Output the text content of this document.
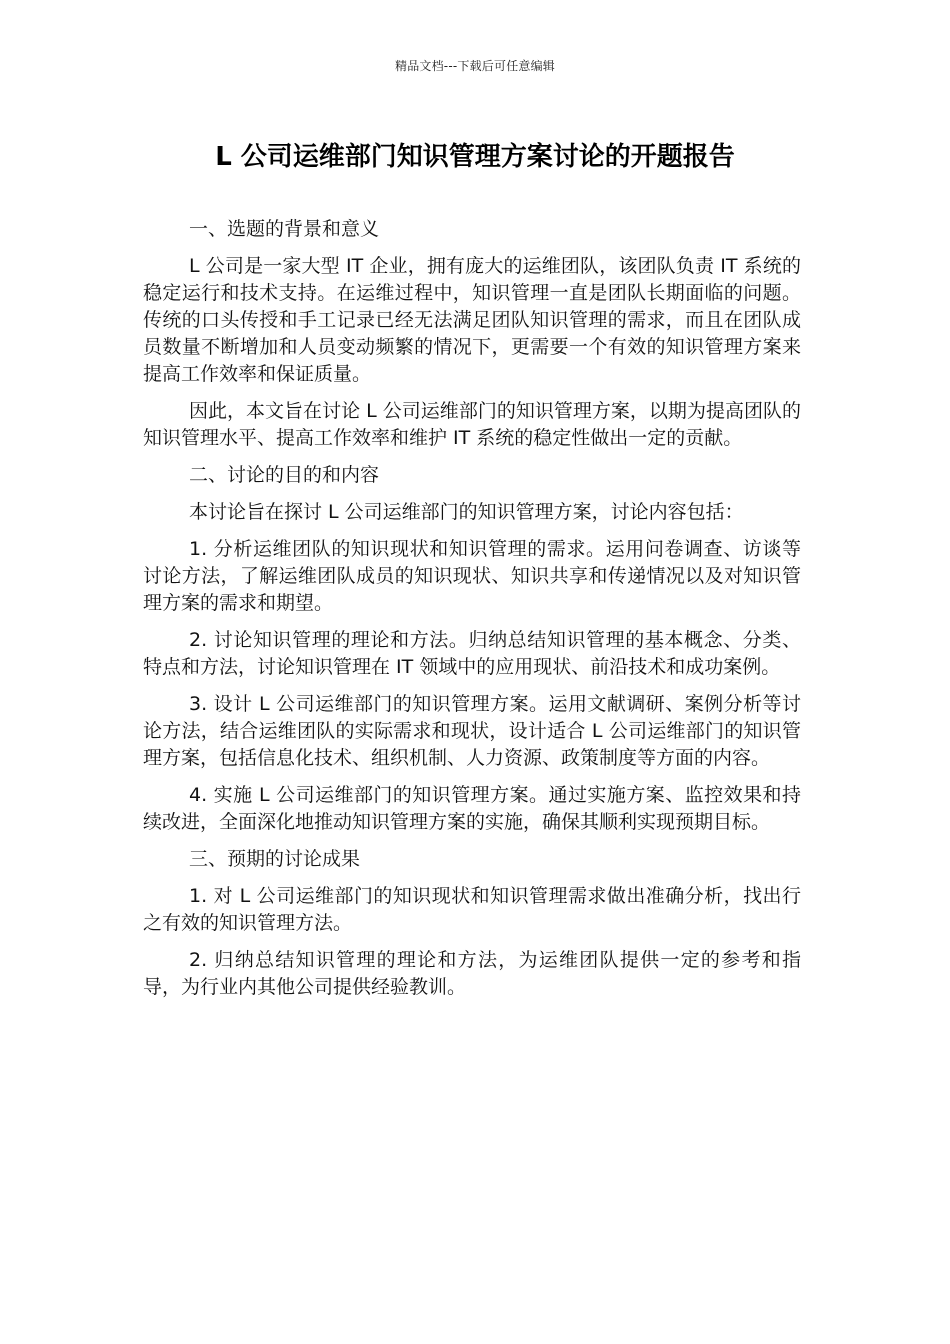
精品文档---下载后可任意编辑
L 公司运维部门知识管理方案讨论的开题报告

一、选题的背景和意义

L 公司是一家大型 IT 企业，拥有庞大的运维团队，该团队负责 IT 系统的稳定运行和技术支持。在运维过程中，知识管理一直是团队长期面临的问题。传统的口头传授和手工记录已经无法满足团队知识管理的需求，而且在团队成员数量不断增加和人员变动频繁的情况下，更需要一个有效的知识管理方案来提高工作效率和保证质量。

因此，本文旨在讨论 L 公司运维部门的知识管理方案，以期为提高团队的知识管理水平、提高工作效率和维护 IT 系统的稳定性做出一定的贡献。

二、讨论的目的和内容

本讨论旨在探讨 L 公司运维部门的知识管理方案，讨论内容包括：

1. 分析运维团队的知识现状和知识管理的需求。运用问卷调查、访谈等讨论方法，了解运维团队成员的知识现状、知识共享和传递情况以及对知识管理方案的需求和期望。

2. 讨论知识管理的理论和方法。归纳总结知识管理的基本概念、分类、特点和方法，讨论知识管理在 IT 领域中的应用现状、前沿技术和成功案例。

3. 设计 L 公司运维部门的知识管理方案。运用文献调研、案例分析等讨论方法，结合运维团队的实际需求和现状，设计适合 L 公司运维部门的知识管理方案，包括信息化技术、组织机制、人力资源、政策制度等方面的内容。

4. 实施 L 公司运维部门的知识管理方案。通过实施方案、监控效果和持续改进，全面深化地推动知识管理方案的实施，确保其顺利实现预期目标。

三、预期的讨论成果

1. 对 L 公司运维部门的知识现状和知识管理需求做出准确分析，找出行之有效的知识管理方法。

2. 归纳总结知识管理的理论和方法，为运维团队提供一定的参考和指导，为行业内其他公司提供经验教训。
